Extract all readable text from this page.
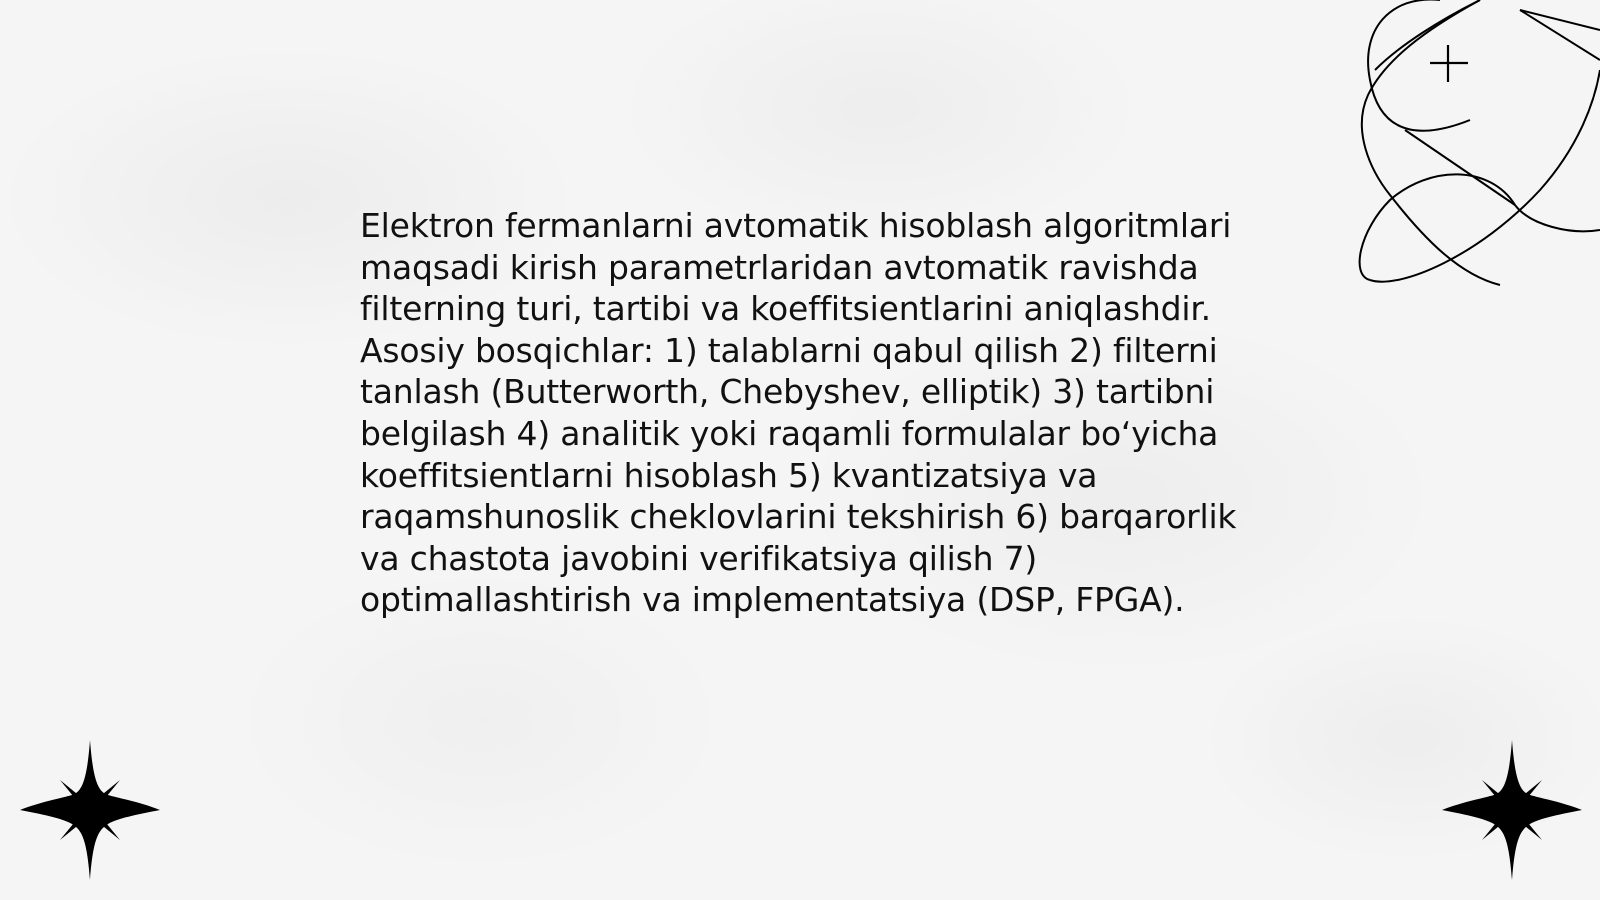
Elektron fermanlarni avtomatik hisoblash algoritmlari maqsadi kirish parametrlaridan avtomatik ravishda filterning turi, tartibi va koeffitsientlarini aniqlashdir. Asosiy bosqichlar: 1) talablarni qabul qilish 2) filterni tanlash (Butterworth, Chebyshev, elliptik) 3) tartibni belgilash 4) analitik yoki raqamli formulalar bo‘yicha koeffitsientlarni hisoblash 5) kvantizatsiya va raqamshunoslik cheklovlarini tekshirish 6) barqarorlik va chastota javobini verifikatsiya qilish 7) optimallashtirish va implementatsiya (DSP, FPGA).
